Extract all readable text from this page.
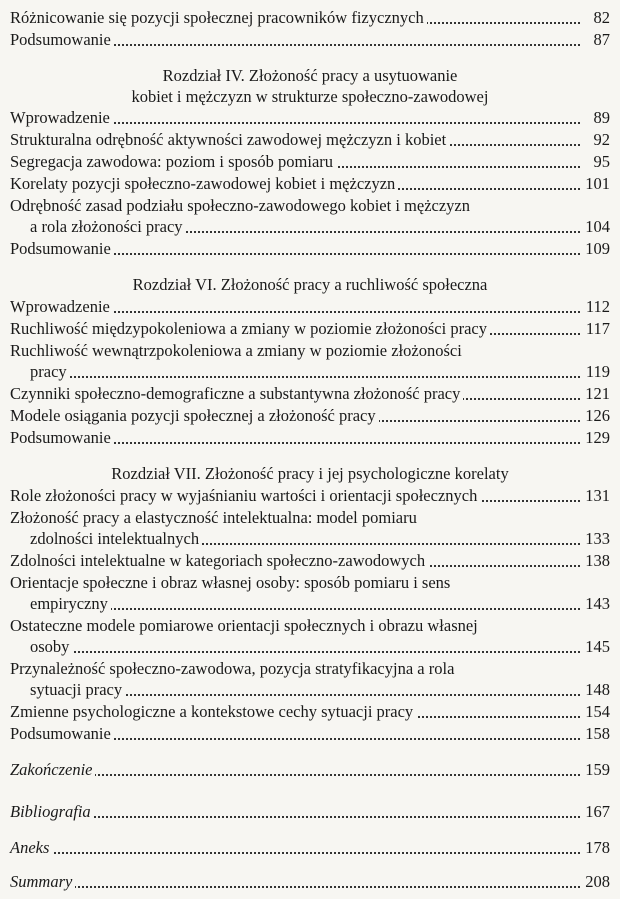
Różnicowanie się pozycji społecznej pracowników fizycznych	82
Podsumowanie	87
Rozdział IV. Złożoność pracy a usytuowanie
kobiet i mężczyzn w strukturze społeczno-zawodowej
Wprowadzenie	89
Strukturalna odrębność aktywności zawodowej mężczyzn i kobiet	92
Segregacja zawodowa: poziom i sposób pomiaru	95
Korelaty pozycji społeczno-zawodowej kobiet i mężczyzn	101
Odrębność zasad podziału społeczno-zawodowego kobiet i mężczyzn
a rola złożoności pracy	104
Podsumowanie	109
Rozdział VI. Złożoność pracy a ruchliwość społeczna
Wprowadzenie	112
Ruchliwość międzypokoleniowa a zmiany w poziomie złożoności pracy	117
Ruchliwość wewnątrzpokoleniowa a zmiany w poziomie złożoności
pracy	119
Czynniki społeczno-demograficzne a substantywna złożoność pracy	121
Modele osiągania pozycji społecznej a złożoność pracy	126
Podsumowanie	129
Rozdział VII. Złożoność pracy i jej psychologiczne korelaty
Role złożoności pracy w wyjaśnianiu wartości i orientacji społecznych	131
Złożoność pracy a elastyczność intelektualna: model pomiaru
zdolności intelektualnych	133
Zdolności intelektualne w kategoriach społeczno-zawodowych	138
Orientacje społeczne i obraz własnej osoby: sposób pomiaru i sens
empiryczny	143
Ostateczne modele pomiarowe orientacji społecznych i obrazu własnej
osoby	145
Przynależność społeczno-zawodowa, pozycja stratyfikacyjna a rola
sytuacji pracy	148
Zmienne psychologiczne a kontekstowe cechy sytuacji pracy	154
Podsumowanie	158
Zakończenie	159
Bibliografia	167
Aneks	178
Summary	208
